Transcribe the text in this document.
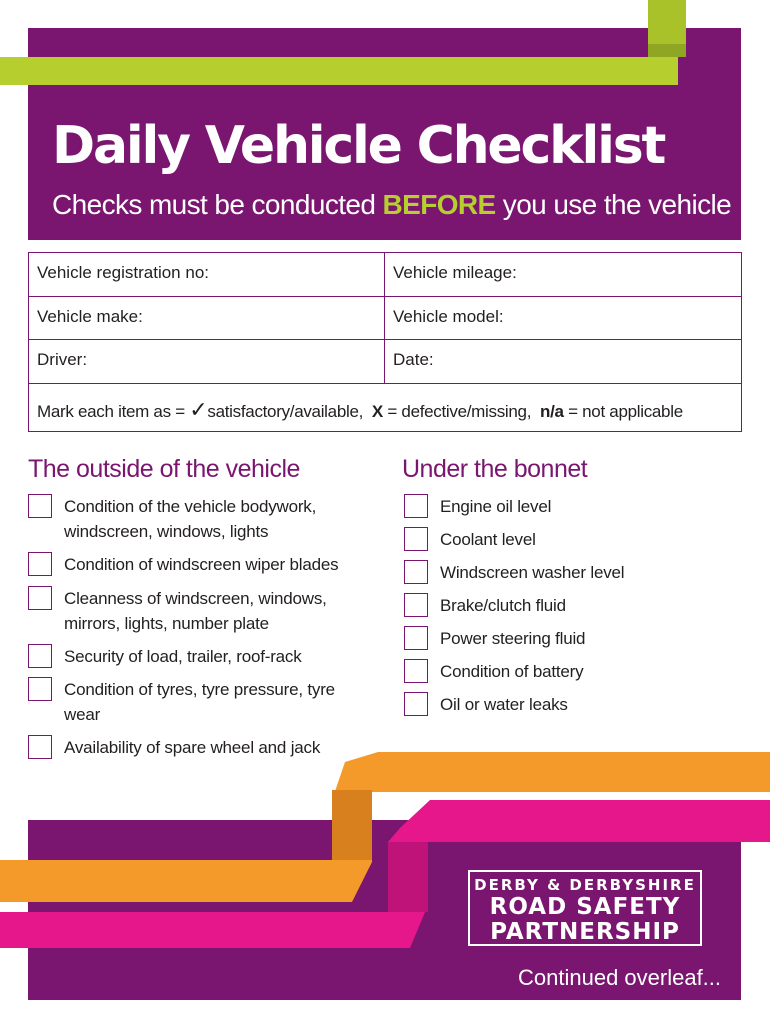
Daily Vehicle Checklist
Checks must be conducted BEFORE you use the vehicle
Vehicle registration no:	Vehicle mileage:
Vehicle make:	Vehicle model:
Driver:	Date:
Mark each item as = ✓satisfactory/available, X = defective/missing, n/a = not applicable
The outside of the vehicle	Under the bonnet
Condition of the vehicle bodywork,
windscreen, windows, lights
Condition of windscreen wiper blades
Cleanness of windscreen, windows,
mirrors, lights, number plate
Security of load, trailer, roof-rack
Condition of tyres, tyre pressure, tyre
wear
Availability of spare wheel and jack
Engine oil level
Coolant level
Windscreen washer level
Brake/clutch fluid
Power steering fluid
Condition of battery
Oil or water leaks
DERBY & DERBYSHIRE
ROAD SAFETY
PARTNERSHIP
Continued overleaf...
